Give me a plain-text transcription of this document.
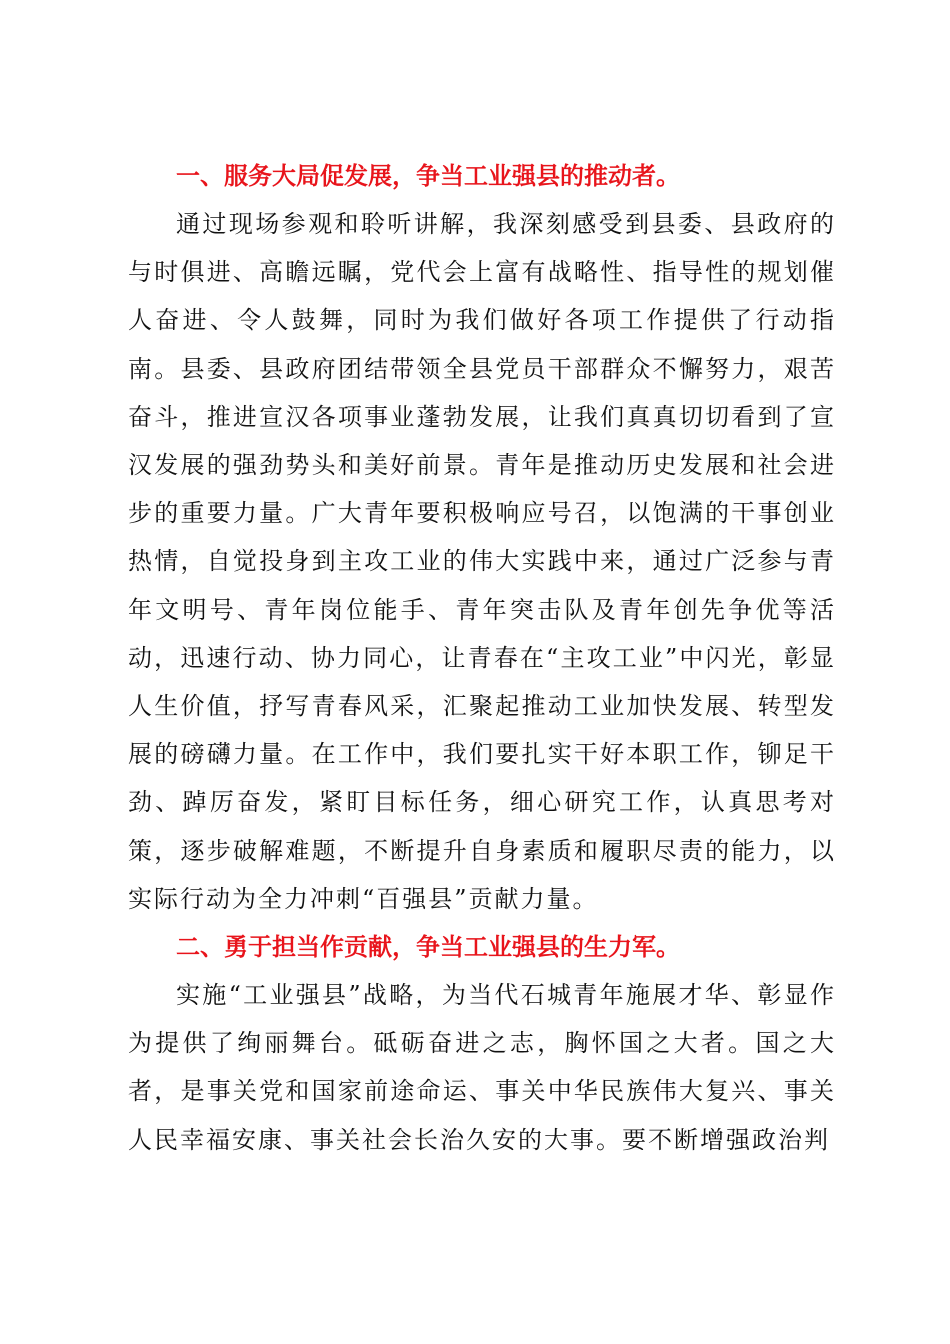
一、服务大局促发展，争当工业强县的推动者。

通过现场参观和聆听讲解，我深刻感受到县委、县政府的与时俱进、高瞻远瞩，党代会上富有战略性、指导性的规划催人奋进、令人鼓舞，同时为我们做好各项工作提供了行动指南。县委、县政府团结带领全县党员干部群众不懈努力，艰苦奋斗，推进宣汉各项事业蓬勃发展，让我们真真切切看到了宣汉发展的强劲势头和美好前景。青年是推动历史发展和社会进步的重要力量。广大青年要积极响应号召，以饱满的干事创业热情，自觉投身到主攻工业的伟大实践中来，通过广泛参与青年文明号、青年岗位能手、青年突击队及青年创先争优等活动，迅速行动、协力同心，让青春在“主攻工业”中闪光，彰显人生价值，抒写青春风采，汇聚起推动工业加快发展、转型发展的磅礴力量。在工作中，我们要扎实干好本职工作，铆足干劲、踔厉奋发，紧盯目标任务，细心研究工作，认真思考对策，逐步破解难题，不断提升自身素质和履职尽责的能力，以实际行动为全力冲刺“百强县”贡献力量。

二、勇于担当作贡献，争当工业强县的生力军。

实施“工业强县”战略，为当代石城青年施展才华、彰显作为提供了绚丽舞台。砥砺奋进之志，胸怀国之大者。国之大者，是事关党和国家前途命运、事关中华民族伟大复兴、事关人民幸福安康、事关社会长治久安的大事。要不断增强政治判
